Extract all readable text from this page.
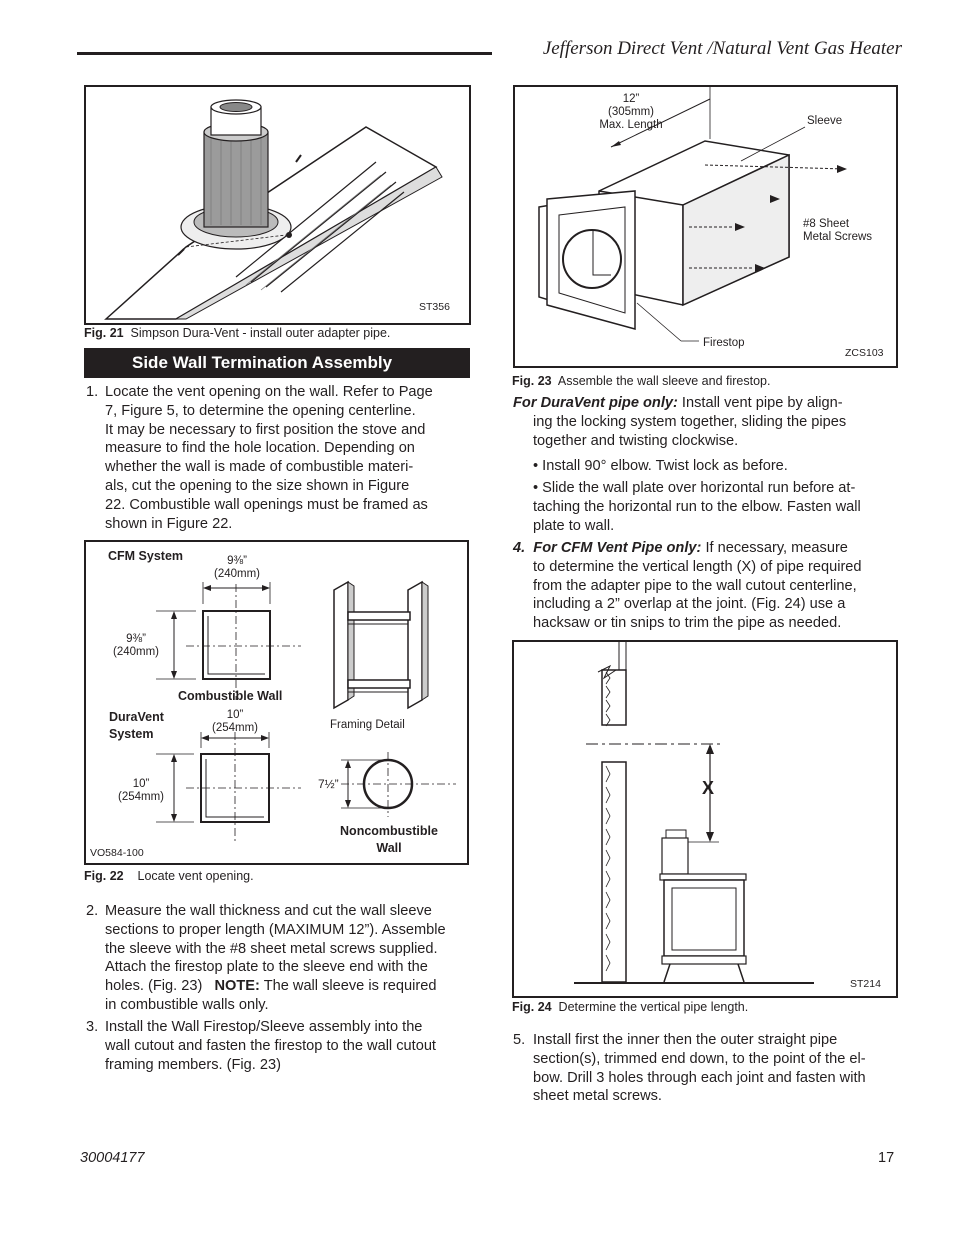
Jefferson Direct Vent /Natural Vent Gas Heater
ST356
Fig. 21 Simpson Dura-Vent - install outer adapter pipe.
Side Wall Termination Assembly
1. Locate the vent opening on the wall. Refer to Page
7, Figure 5, to determine the opening centerline.
It may be necessary to first position the stove and
measure to find the hole location. Depending on
whether the wall is made of combustible materi-
als, cut the opening to the size shown in Figure
22. Combustible wall openings must be framed as
shown in Figure 22.
CFM System	9⅜”
(240mm)
9⅜”
(240mm)
Combustible Wall
DuraVent
System
10”
(254mm)
10”
(254mm)
Framing Detail
7½”
Noncombustible
Wall
VO584-100
Fig. 22 Locate vent opening.
2. Measure the wall thickness and cut the wall sleeve
sections to proper length (MAXIMUM 12”). Assemble
the sleeve with the #8 sheet metal screws supplied.
Attach the firestop plate to the sleeve end with the
holes. (Fig. 23)   NOTE: The wall sleeve is required
in combustible walls only.
3. Install the Wall Firestop/Sleeve assembly into the
wall cutout and fasten the firestop to the wall cutout
framing members. (Fig. 23)
12”
(305mm)
Max. Length	Sleeve
#8 Sheet
Metal Screws
Firestop
ZCS103
Fig. 23 Assemble the wall sleeve and firestop.
For DuraVent pipe only: Install vent pipe by align-
ing the locking system together, sliding the pipes
together and twisting clockwise.
• Install 90° elbow. Twist lock as before.
• Slide the wall plate over horizontal run before at-
taching the horizontal run to the elbow. Fasten wall
plate to wall.
4.  For CFM Vent Pipe only: If necessary, measure
to determine the vertical length (X) of pipe required
from the adapter pipe to the wall cutout centerline,
including a 2” overlap at the joint. (Fig. 24) use a
hacksaw or tin snips to trim the pipe as needed.
X
ST214
Fig. 24 Determine the vertical pipe length.
5. Install first the inner then the outer straight pipe
section(s), trimmed end down, to the point of the el-
bow. Drill 3 holes through each joint and fasten with
sheet metal screws.
30004177	17
